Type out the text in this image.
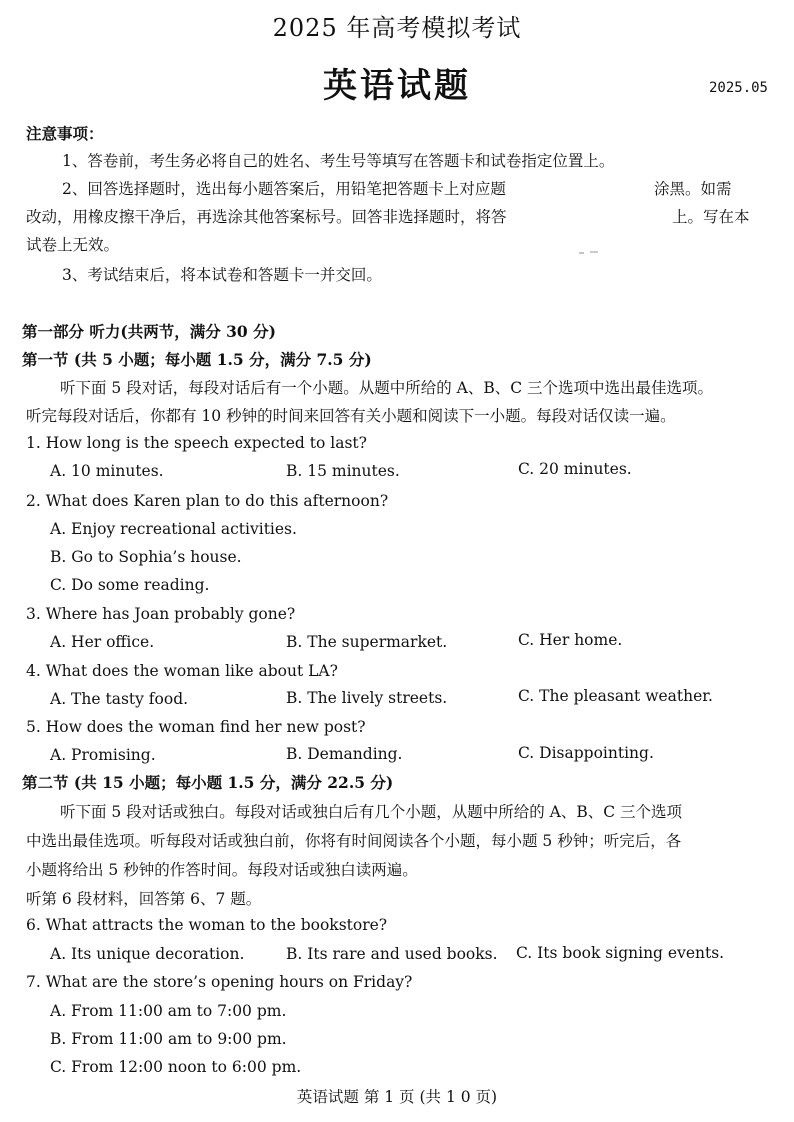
2025 年高考模拟考试
英语试题	2025.05
注意事项：
1、答卷前，考生务必将自己的姓名、考生号等填写在答题卡和试卷指定位置上。
2、回答选择题时，选出每小题答案后，用铅笔把答题卡上对应题	涂黑。如需
改动，用橡皮擦干净后，再选涂其他答案标号。回答非选择题时，将答	上。写在本
试卷上无效。
3、考试结束后，将本试卷和答题卡一并交回。
第一部分 听力(共两节，满分 30 分)
第一节 (共 5 小题；每小题 1.5 分，满分 7.5 分)
听下面 5 段对话，每段对话后有一个小题。从题中所给的 A、B、C 三个选项中选出最佳选项。
听完每段对话后，你都有 10 秒钟的时间来回答有关小题和阅读下一小题。每段对话仅读一遍。
1. How long is the speech expected to last?
A. 10 minutes.	B. 15 minutes.	C. 20 minutes.
2. What does Karen plan to do this afternoon?
A. Enjoy recreational activities.
B. Go to Sophia’s house.
C. Do some reading.
3. Where has Joan probably gone?
A. Her office.	B. The supermarket.	C. Her home.
4. What does the woman like about LA?
A. The tasty food.	B. The lively streets.	C. The pleasant weather.
5. How does the woman find her new post?
A. Promising.	B. Demanding.	C. Disappointing.
第二节 (共 15 小题；每小题 1.5 分，满分 22.5 分)
听下面 5 段对话或独白。每段对话或独白后有几个小题，从题中所给的 A、B、C 三个选项
中选出最佳选项。听每段对话或独白前，你将有时间阅读各个小题，每小题 5 秒钟；听完后，各
小题将给出 5 秒钟的作答时间。每段对话或独白读两遍。
听第 6 段材料，回答第 6、7 题。
6. What attracts the woman to the bookstore?
A. Its unique decoration.	B. Its rare and used books. C. Its book signing events.
7. What are the store’s opening hours on Friday?
A. From 11:00 am to 7:00 pm.
B. From 11:00 am to 9:00 pm.
C. From 12:00 noon to 6:00 pm.
英语试题 第 1 页 (共 1 0 页)
